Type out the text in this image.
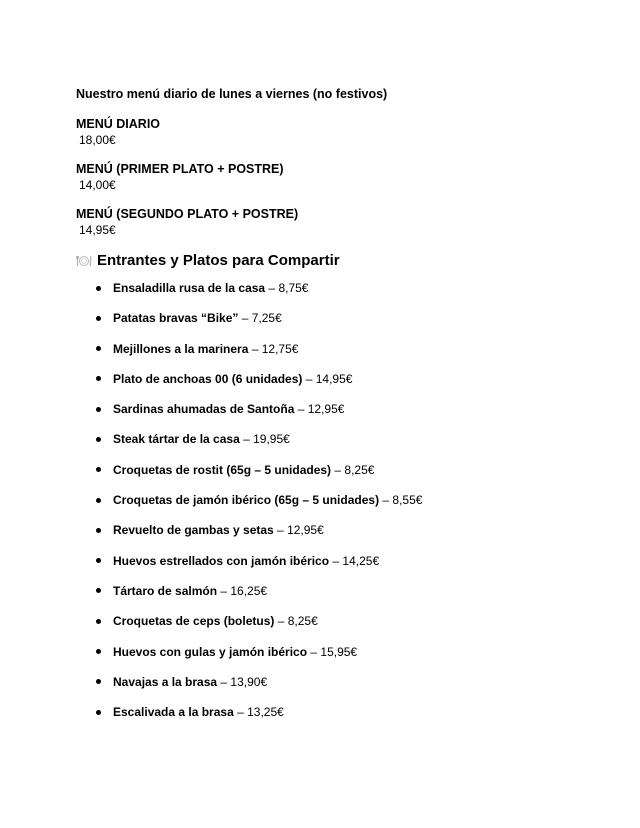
Nuestro menú diario de lunes a viernes (no festivos)
MENÚ DIARIO
18,00€
MENÚ (PRIMER PLATO + POSTRE)
14,00€
MENÚ (SEGUNDO PLATO + POSTRE)
14,95€
Entrantes y Platos para Compartir
Ensaladilla rusa de la casa – 8,75€
Patatas bravas “Bike” – 7,25€
Mejillones a la marinera – 12,75€
Plato de anchoas 00 (6 unidades) – 14,95€
Sardinas ahumadas de Santoña – 12,95€
Steak tártar de la casa – 19,95€
Croquetas de rostit (65g – 5 unidades) – 8,25€
Croquetas de jamón ibérico (65g – 5 unidades) – 8,55€
Revuelto de gambas y setas – 12,95€
Huevos estrellados con jamón ibérico – 14,25€
Tártaro de salmón – 16,25€
Croquetas de ceps (boletus) – 8,25€
Huevos con gulas y jamón ibérico – 15,95€
Navajas a la brasa – 13,90€
Escalivada a la brasa – 13,25€
